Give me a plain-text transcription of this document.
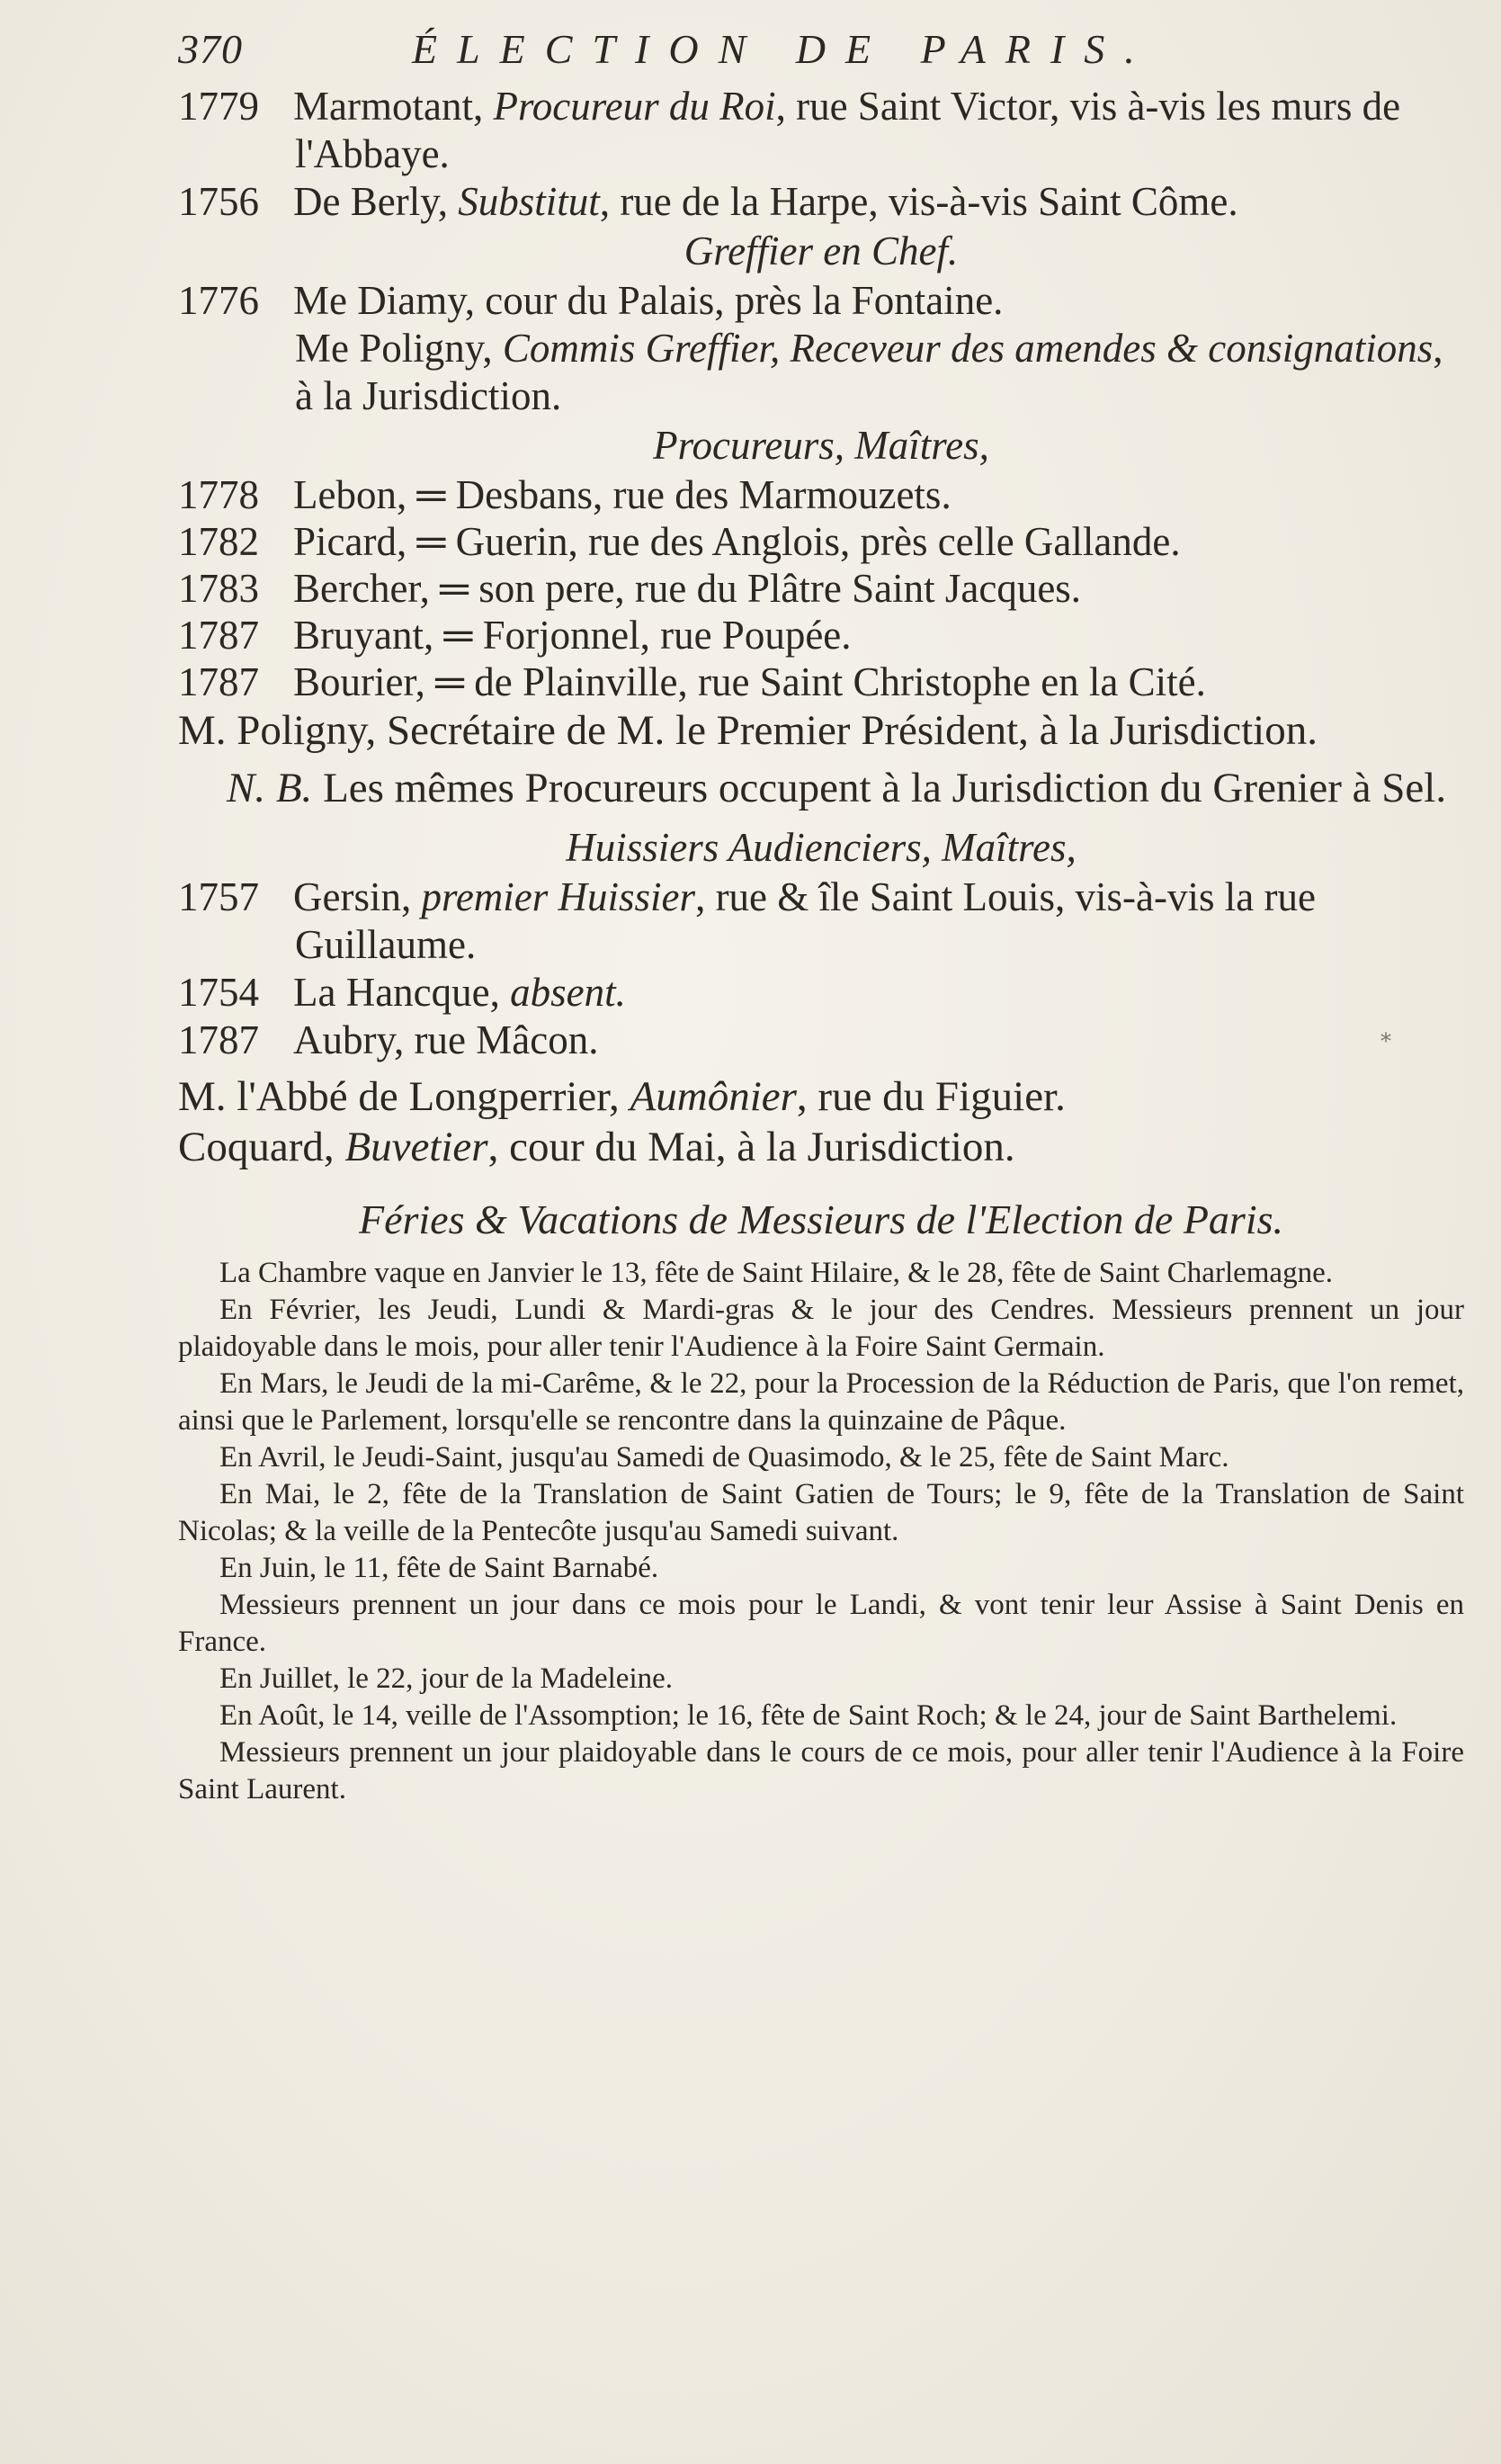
370	ÉLECTION DE PARIS.
1779 Marmotant, Procureur du Roi, rue Saint Victor, vis à-vis les murs de l'Abbaye.
1756 De Berly, Substitut, rue de la Harpe, vis-à-vis Saint Côme.
Greffier en Chef.
1776 Me Diamy, cour du Palais, près la Fontaine.
Me Poligny, Commis Greffier, Receveur des amendes & consignations, à la Jurisdiction.
Procureurs, Maîtres,
1778 Lebon, ═ Desbans, rue des Marmouzets.
1782 Picard, ═ Guerin, rue des Anglois, près celle Gallande.
1783 Bercher, ═ son pere, rue du Plâtre Saint Jacques.
1787 Bruyant, ═ Forjonnel, rue Poupée.
1787 Bourier, ═ de Plainville, rue Saint Christophe en la Cité.
M. Poligny, Secrétaire de M. le Premier Président, à la Jurisdiction.
N. B. Les mêmes Procureurs occupent à la Jurisdiction du Grenier à Sel.
Huissiers Audienciers, Maîtres,
1757 Gersin, premier Huissier, rue & île Saint Louis, vis-à-vis la rue Guillaume.
1754 La Hancque, absent.
1787 Aubry, rue Mâcon.
M. l'Abbé de Longperrier, Aumônier, rue du Figuier.
Coquard, Buvetier, cour du Mai, à la Jurisdiction.
Féries & Vacations de Messieurs de l'Election de Paris.

La Chambre vaque en Janvier le 13, fête de Saint Hilaire, & le 28, fête de Saint Charlemagne.

En Février, les Jeudi, Lundi & Mardi-gras & le jour des Cendres. Messieurs prennent un jour plaidoyable dans le mois, pour aller tenir l'Audience à la Foire Saint Germain.

En Mars, le Jeudi de la mi-Carême, & le 22, pour la Procession de la Réduction de Paris, que l'on remet, ainsi que le Parlement, lorsqu'elle se rencontre dans la quinzaine de Pâque.

En Avril, le Jeudi-Saint, jusqu'au Samedi de Quasimodo, & le 25, fête de Saint Marc.

En Mai, le 2, fête de la Translation de Saint Gatien de Tours; le 9, fête de la Translation de Saint Nicolas; & la veille de la Pentecôte jusqu'au Samedi suivant.

En Juin, le 11, fête de Saint Barnabé.

Messieurs prennent un jour dans ce mois pour le Landi, & vont tenir leur Assise à Saint Denis en France.

En Juillet, le 22, jour de la Madeleine.

En Août, le 14, veille de l'Assomption; le 16, fête de Saint Roch; & le 24, jour de Saint Barthelemi.

Messieurs prennent un jour plaidoyable dans le cours de ce mois, pour aller tenir l'Audience à la Foire Saint Laurent.

⁎
